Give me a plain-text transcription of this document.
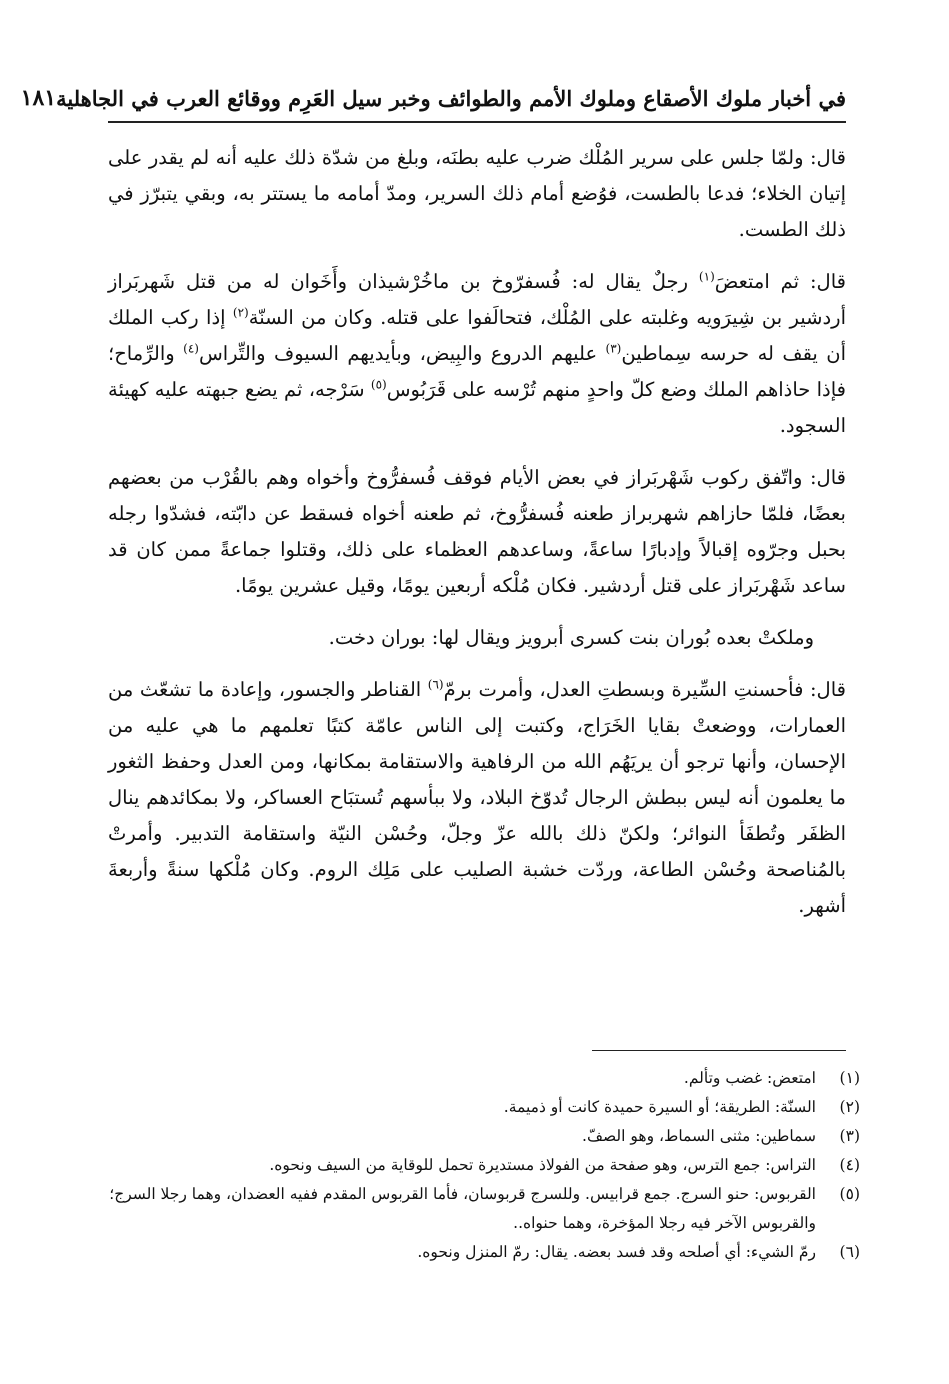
في أخبار ملوك الأصقاع وملوك الأمم والطوائف وخبر سيل العَرِم ووقائع العرب في الجاهلية
١٨١

قال: ولمّا جلس على سرير المُلْك ضرب عليه بطنَه، وبلغ من شدّة ذلك عليه أنه لم يقدر على إتيان الخلاء؛ فدعا بالطست، فوُضع أمام ذلك السرير، ومدّ أمامه ما يستتر به، وبقي يتبرّز في ذلك الطست.

قال: ثم امتعضَ$^{(١)}$ رجلٌ يقال له: فُسفرّوخ بن ماخُرْشيذان وأَخَوان له من قتل شَهربَراز أردشير بن شِيرَويه وغلبته على المُلْك، فتحالَفوا على قتله. وكان من السنّة$^{(٢)}$ إذا ركب الملك أن يقف له حرسه سِماطين$^{(٣)}$ عليهم الدروع والبِيض، وبأيديهم السيوف والتِّراس$^{(٤)}$ والرِّماح؛ فإذا حاذاهم الملك وضع كلّ واحدٍ منهم تُرْسه على قَرَبُوس$^{(٥)}$ سَرْجه، ثم يضع جبهته عليه كهيئة السجود.

قال: واتّفق ركوب شَهْربَراز في بعض الأيام فوقف فُسفرُّوخ وأخواه وهم بالقُرْب من بعضهم بعضًا، فلمّا حازاهم شهربراز طعنه فُسفرُّوخ، ثم طعنه أخواه فسقط عن دابّته، فشدّوا رجله بحبل وجرّوه إقبالاً وإدبارًا ساعةً، وساعدهم العظماء على ذلك، وقتلوا جماعةً ممن كان قد ساعد شَهْربَراز على قتل أردشير. فكان مُلْكه أربعين يومًا، وقيل عشرين يومًا.

وملكتْ بعده بُوران بنت كسرى أبرويز ويقال لها: بوران دخت.

قال: فأحسنتِ السِّيرة وبسطتِ العدل، وأمرت برمّ$^{(٦)}$ القناطر والجسور، وإعادة ما تشعّث من العمارات، ووضعتْ بقايا الخَرَاج، وكتبت إلى الناس عامّة كتبًا تعلمهم ما هي عليه من الإحسان، وأنها ترجو أن يريَهُم الله من الرفاهية والاستقامة بمكانها، ومن العدل وحفظ الثغور ما يعلمون أنه ليس ببطش الرجال تُدوّخ البلاد، ولا ببأسهم تُستبَاح العساكر، ولا بمكائدهم ينال الظفَر وتُطفَأ النوائر؛ ولكنّ ذلك بالله عزّ وجلّ، وحُسْن النيّة واستقامة التدبير. وأمرتْ بالمُناصحة وحُسْن الطاعة، وردّت خشبة الصليب على مَلِك الروم. وكان مُلْكها سنةً وأربعةَ أشهر.

(١)
امتعض: غضب وتألم.
(٢)
السنّة: الطريقة؛ أو السيرة حميدة كانت أو ذميمة.
(٣)
سماطين: مثنى السماط، وهو الصفّ.
(٤)
التراس: جمع الترس، وهو صفحة من الفولاذ مستديرة تحمل للوقاية من السيف ونحوه.
(٥)
القربوس: حنو السرج. جمع قرابيس. وللسرج قربوسان، فأما القربوس المقدم ففيه العضدان، وهما رجلا السرج؛ والقربوس الآخر فيه رجلا المؤخرة، وهما حنواه..
(٦)
رمّ الشيء: أي أصلحه وقد فسد بعضه. يقال: رمّ المنزل ونحوه.
